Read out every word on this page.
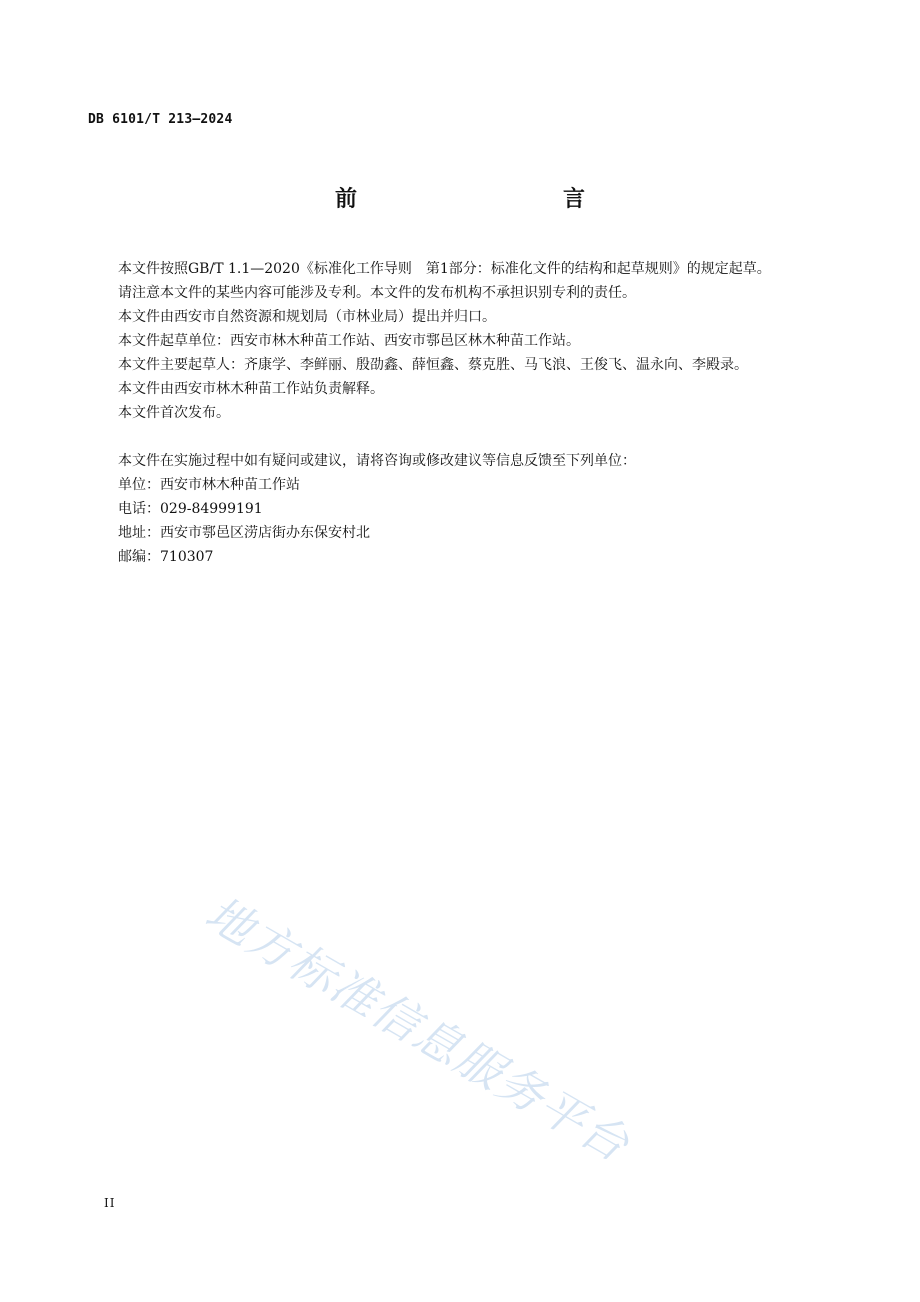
DB 6101/T 213—2024
前　　言

本文件按照GB/T 1.1—2020《标准化工作导则　第1部分：标准化文件的结构和起草规则》的规定起草。

请注意本文件的某些内容可能涉及专利。本文件的发布机构不承担识别专利的责任。

本文件由西安市自然资源和规划局（市林业局）提出并归口。

本文件起草单位：西安市林木种苗工作站、西安市鄠邑区林木种苗工作站。

本文件主要起草人：齐康学、李鲜丽、殷劭鑫、薛恒鑫、蔡克胜、马飞浪、王俊飞、温永向、李殿录。

本文件由西安市林木种苗工作站负责解释。

本文件首次发布。

本文件在实施过程中如有疑问或建议，请将咨询或修改建议等信息反馈至下列单位：

单位：西安市林木种苗工作站

电话：029-84999191

地址：西安市鄠邑区涝店街办东保安村北

邮编：710307

地方标准信息服务平台
II
